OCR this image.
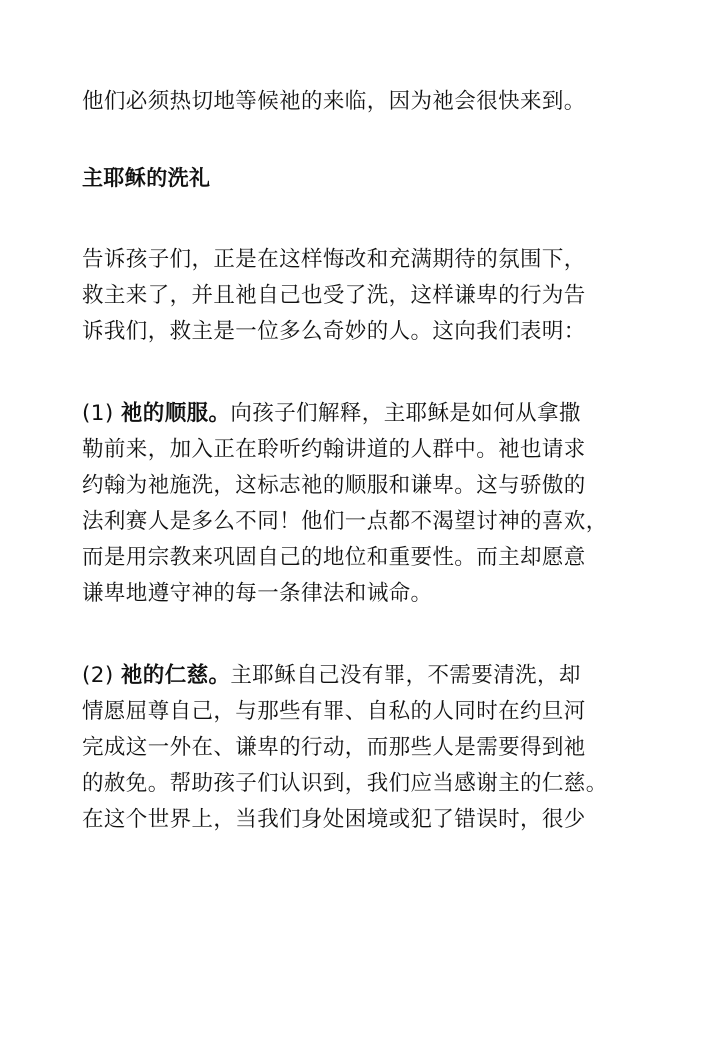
他们必须热切地等候祂的来临，因为祂会很快来到。

主耶稣的洗礼

告诉孩子们，正是在这样悔改和充满期待的氛围下，

救主来了，并且祂自己也受了洗，这样谦卑的行为告

诉我们，救主是一位多么奇妙的人。这向我们表明：

(1) 祂的顺服。向孩子们解释，主耶稣是如何从拿撒

勒前来，加入正在聆听约翰讲道的人群中。祂也请求

约翰为祂施洗，这标志祂的顺服和谦卑。这与骄傲的

法利赛人是多么不同！他们一点都不渴望讨神的喜欢，

而是用宗教来巩固自己的地位和重要性。而主却愿意

谦卑地遵守神的每一条律法和诫命。

(2) 祂的仁慈。主耶稣自己没有罪，不需要清洗，却

情愿屈尊自己，与那些有罪、自私的人同时在约旦河

完成这一外在、谦卑的行动，而那些人是需要得到祂

的赦免。帮助孩子们认识到，我们应当感谢主的仁慈。

在这个世界上，当我们身处困境或犯了错误时，很少
